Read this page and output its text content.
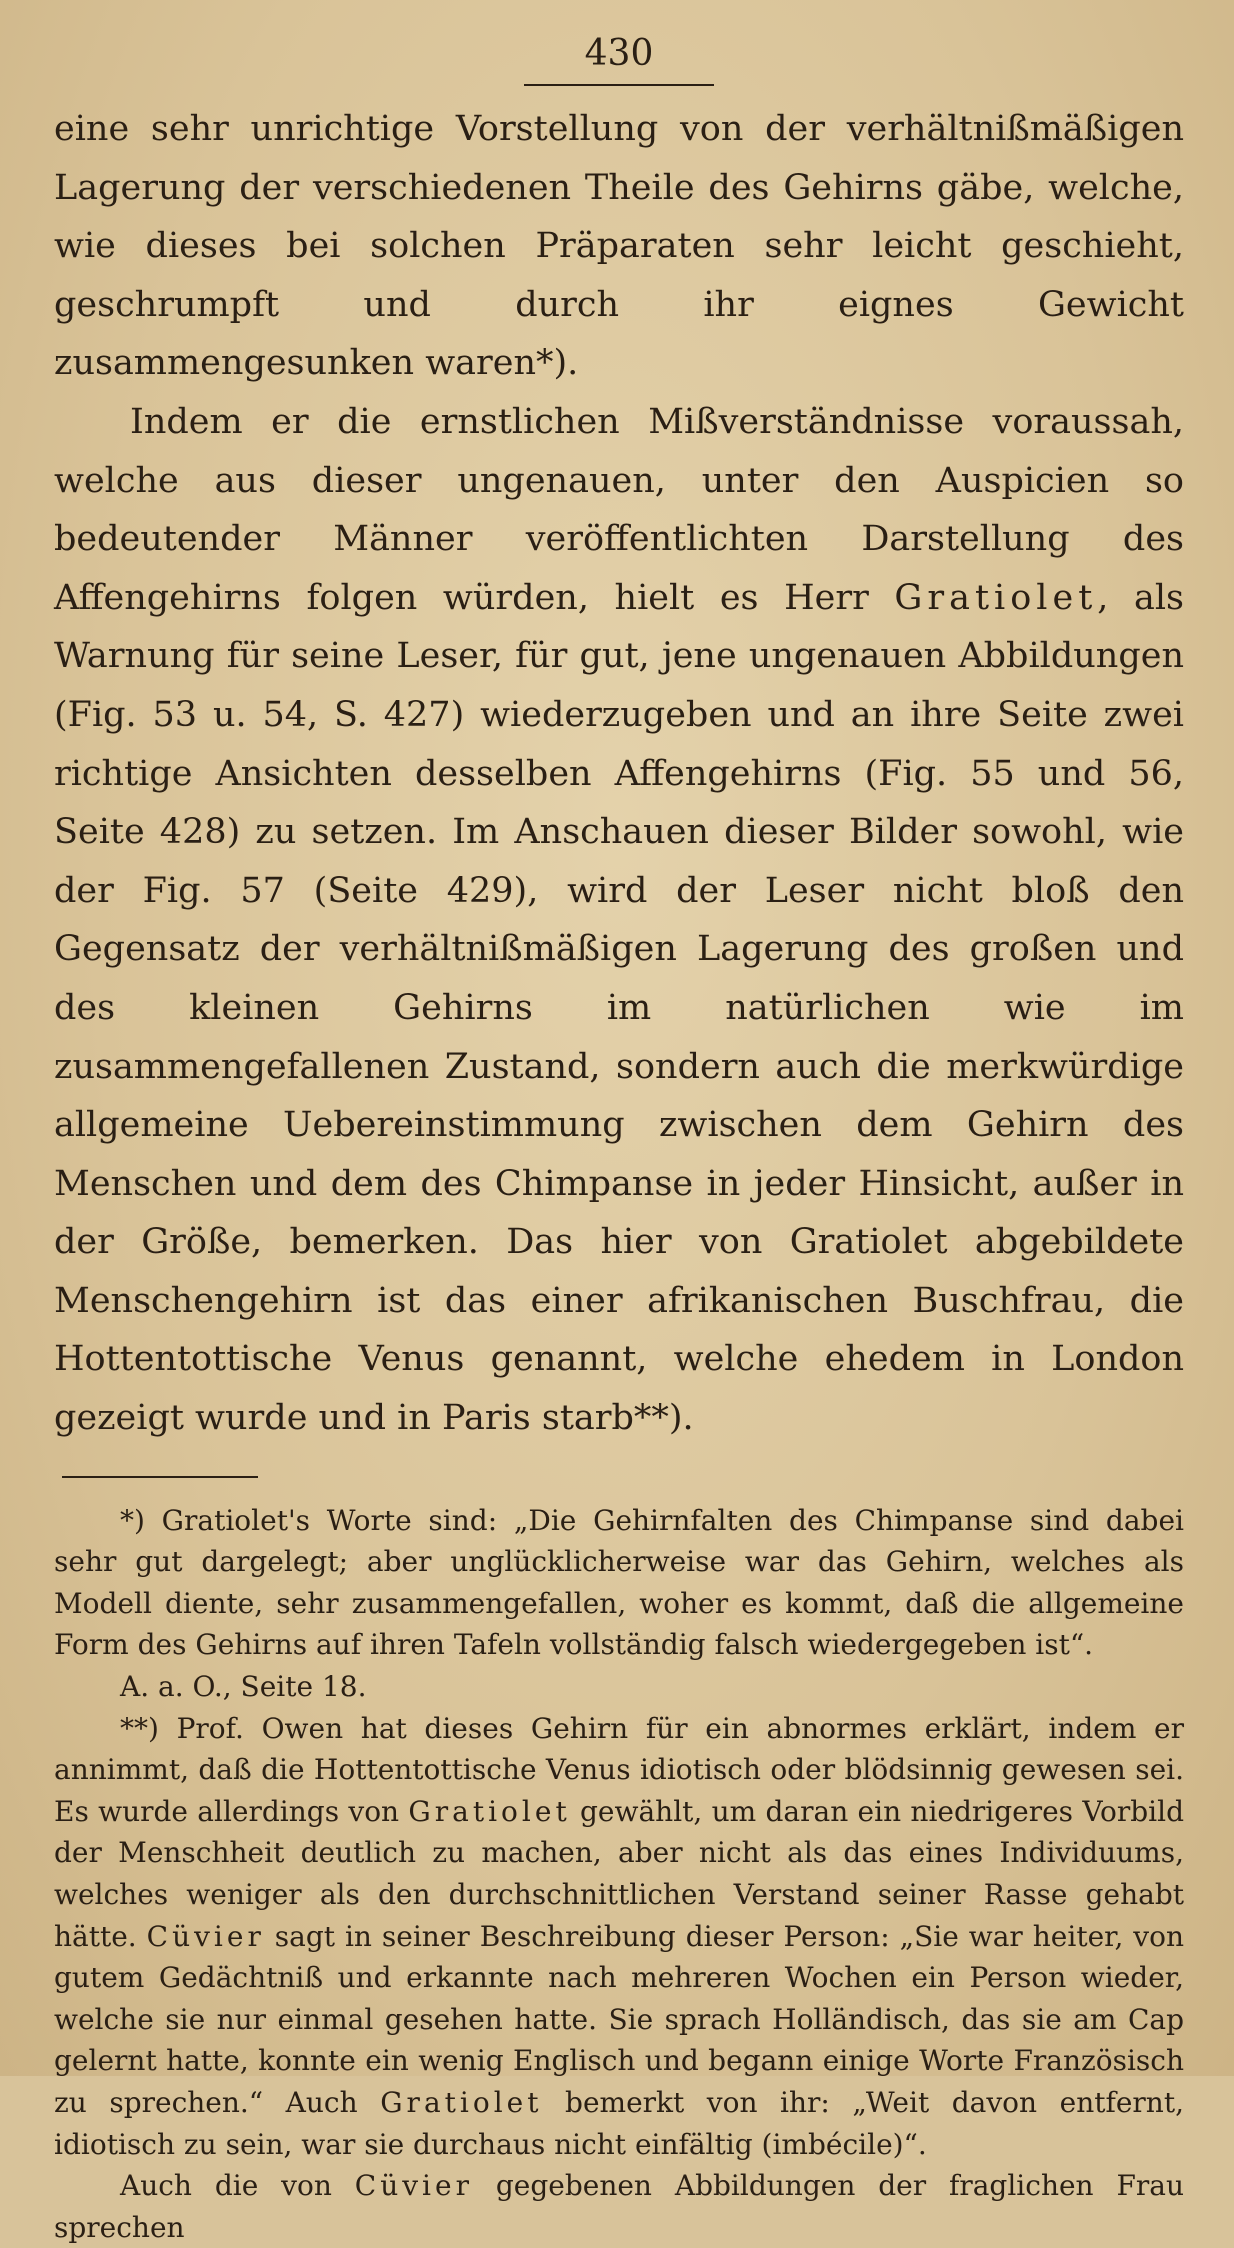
430

eine sehr unrichtige Vorstellung von der verhältnißmäßigen Lagerung der verschiedenen Theile des Gehirns gäbe, welche, wie dieses bei solchen Präparaten sehr leicht geschieht, geschrumpft und durch ihr eignes Gewicht zusammengesunken waren*).

Indem er die ernstlichen Mißverständnisse voraussah, welche aus dieser ungenauen, unter den Auspicien so bedeutender Männer veröffentlichten Darstellung des Affengehirns folgen würden, hielt es Herr Gratiolet, als Warnung für seine Leser, für gut, jene ungenauen Abbildungen (Fig. 53 u. 54, S. 427) wiederzugeben und an ihre Seite zwei richtige Ansichten desselben Affengehirns (Fig. 55 und 56, Seite 428) zu setzen. Im Anschauen dieser Bilder sowohl, wie der Fig. 57 (Seite 429), wird der Leser nicht bloß den Gegensatz der verhältnißmäßigen Lagerung des großen und des kleinen Gehirns im natürlichen wie im zusammengefallenen Zustand, sondern auch die merkwürdige allgemeine Uebereinstimmung zwischen dem Gehirn des Menschen und dem des Chimpanse in jeder Hinsicht, außer in der Größe, bemerken. Das hier von Gratiolet abgebildete Menschengehirn ist das einer afrikanischen Buschfrau, die Hottentottische Venus genannt, welche ehedem in London gezeigt wurde und in Paris starb**).

*) Gratiolet's Worte sind: „Die Gehirnfalten des Chimpanse sind dabei sehr gut dargelegt; aber unglücklicherweise war das Gehirn, welches als Modell diente, sehr zusammengefallen, woher es kommt, daß die allgemeine Form des Gehirns auf ihren Tafeln vollständig falsch wiedergegeben ist“.

A. a. O., Seite 18.

**) Prof. Owen hat dieses Gehirn für ein abnormes erklärt, indem er annimmt, daß die Hottentottische Venus idiotisch oder blödsinnig gewesen sei. Es wurde allerdings von Gratiolet gewählt, um daran ein niedrigeres Vorbild der Menschheit deutlich zu machen, aber nicht als das eines Individuums, welches weniger als den durchschnittlichen Verstand seiner Rasse gehabt hätte. Cüvier sagt in seiner Beschreibung dieser Person: „Sie war heiter, von gutem Gedächtniß und erkannte nach mehreren Wochen ein Person wieder, welche sie nur einmal gesehen hatte. Sie sprach Holländisch, das sie am Cap gelernt hatte, konnte ein wenig Englisch und begann einige Worte Französisch zu sprechen.“ Auch Gratiolet bemerkt von ihr: „Weit davon entfernt, idiotisch zu sein, war sie durchaus nicht einfältig (imbécile)“.

Auch die von Cüvier gegebenen Abbildungen der fraglichen Frau sprechen
